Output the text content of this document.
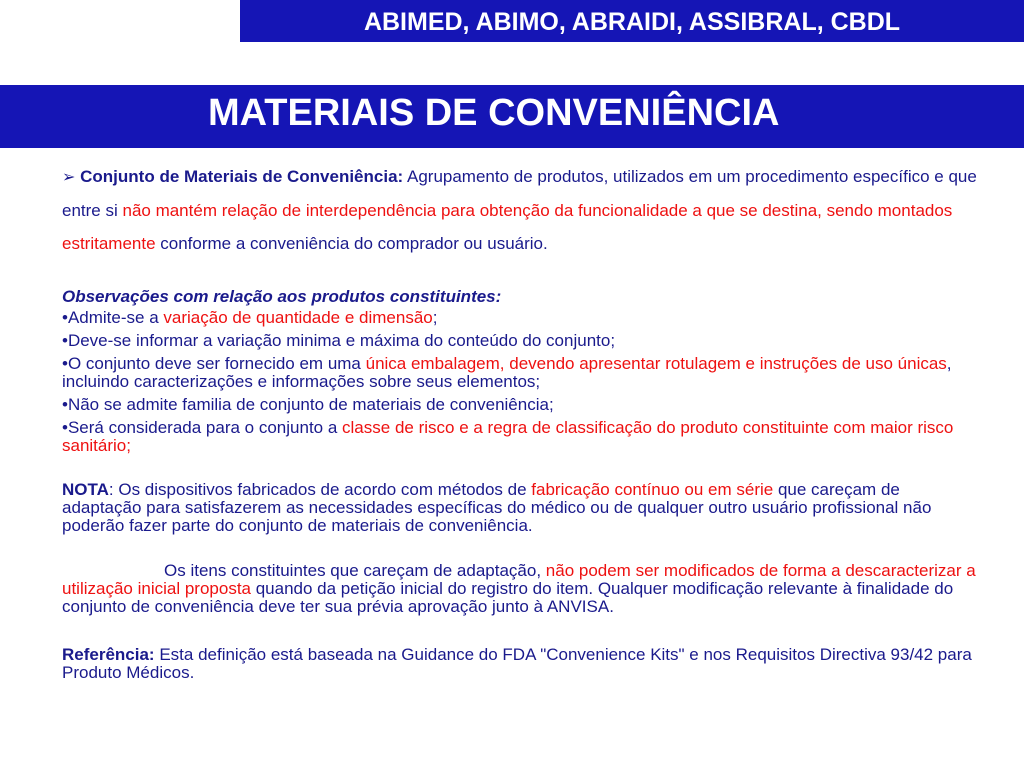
ABIMED, ABIMO, ABRAIDI, ASSIBRAL, CBDL
MATERIAIS DE CONVENIÊNCIA

➢ Conjunto de Materiais de Conveniência: Agrupamento de produtos, utilizados em um procedimento específico e que entre si não mantém relação de interdependência para obtenção da funcionalidade a que se destina, sendo montados estritamente conforme a conveniência do comprador ou usuário.

Observações com relação aos produtos constituintes:

•Admite-se a variação de quantidade e dimensão;

•Deve-se informar a variação minima e máxima do conteúdo do conjunto;

•O conjunto deve ser fornecido em uma única embalagem, devendo apresentar rotulagem e instruções de uso únicas, incluindo caracterizações e informações sobre seus elementos;

•Não se admite familia de conjunto de materiais de conveniência;

•Será considerada para o conjunto a classe de risco e a regra de classificação do produto constituinte com maior risco sanitário;

NOTA: Os dispositivos fabricados de acordo com métodos de fabricação contínuo ou em série que careçam de adaptação para satisfazerem as necessidades específicas do médico ou de qualquer outro usuário profissional não poderão fazer parte do conjunto de materiais de conveniência.

Os itens constituintes que careçam de adaptação, não podem ser modificados de forma a descaracterizar a utilização inicial proposta quando da petição inicial do registro do item. Qualquer modificação relevante à finalidade do conjunto de conveniência deve ter sua prévia aprovação junto à ANVISA.

Referência: Esta definição está baseada na Guidance do FDA "Convenience Kits" e nos Requisitos Directiva 93/42 para Produto Médicos.
